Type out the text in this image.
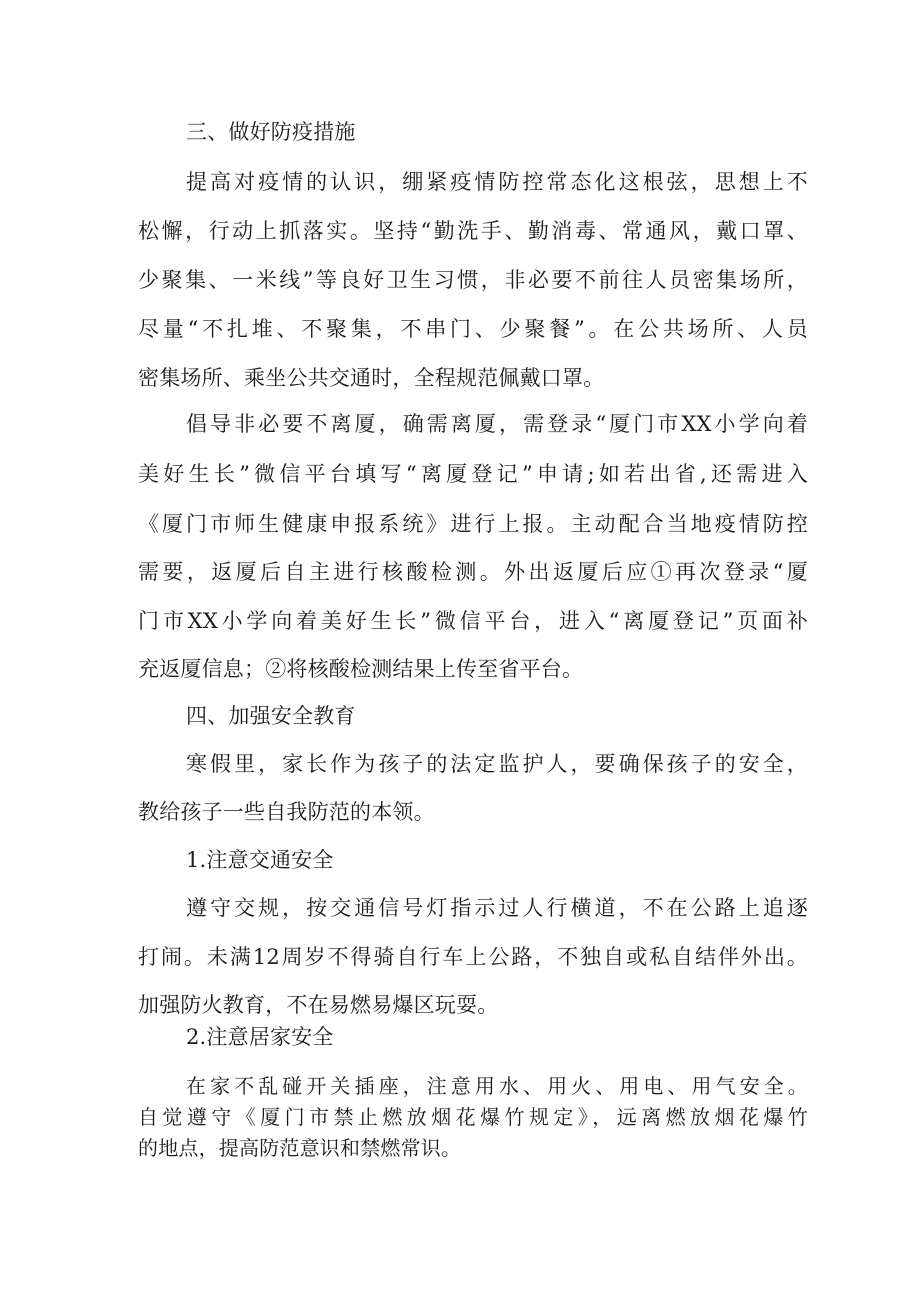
三、做好防疫措施
提高对疫情的认识，绷紧疫情防控常态化这根弦，思想上不
松懈，行动上抓落实。坚持“勤洗手、勤消毒、常通风，戴口罩、
少聚集、一米线”等良好卫生习惯，非必要不前往人员密集场所，
尽量“不扎堆、不聚集，不串门、少聚餐”。在公共场所、人员
密集场所、乘坐公共交通时，全程规范佩戴口罩。
倡导非必要不离厦，确需离厦，需登录“厦门市XX小学向着
美好生长”微信平台填写“离厦登记”申请;如若出省,还需进入
《厦门市师生健康申报系统》进行上报。主动配合当地疫情防控
需要，返厦后自主进行核酸检测。外出返厦后应①再次登录“厦
门市XX小学向着美好生长”微信平台，进入“离厦登记”页面补
充返厦信息；②将核酸检测结果上传至省平台。
四、加强安全教育
寒假里，家长作为孩子的法定监护人，要确保孩子的安全，
教给孩子一些自我防范的本领。
1.注意交通安全
遵守交规，按交通信号灯指示过人行横道，不在公路上追逐
打闹。未满12周岁不得骑自行车上公路，不独自或私自结伴外出。
加强防火教育，不在易燃易爆区玩耍。
2.注意居家安全
在家不乱碰开关插座，注意用水、用火、用电、用气安全。
自觉遵守《厦门市禁止燃放烟花爆竹规定》，远离燃放烟花爆竹
的地点，提高防范意识和禁燃常识。
